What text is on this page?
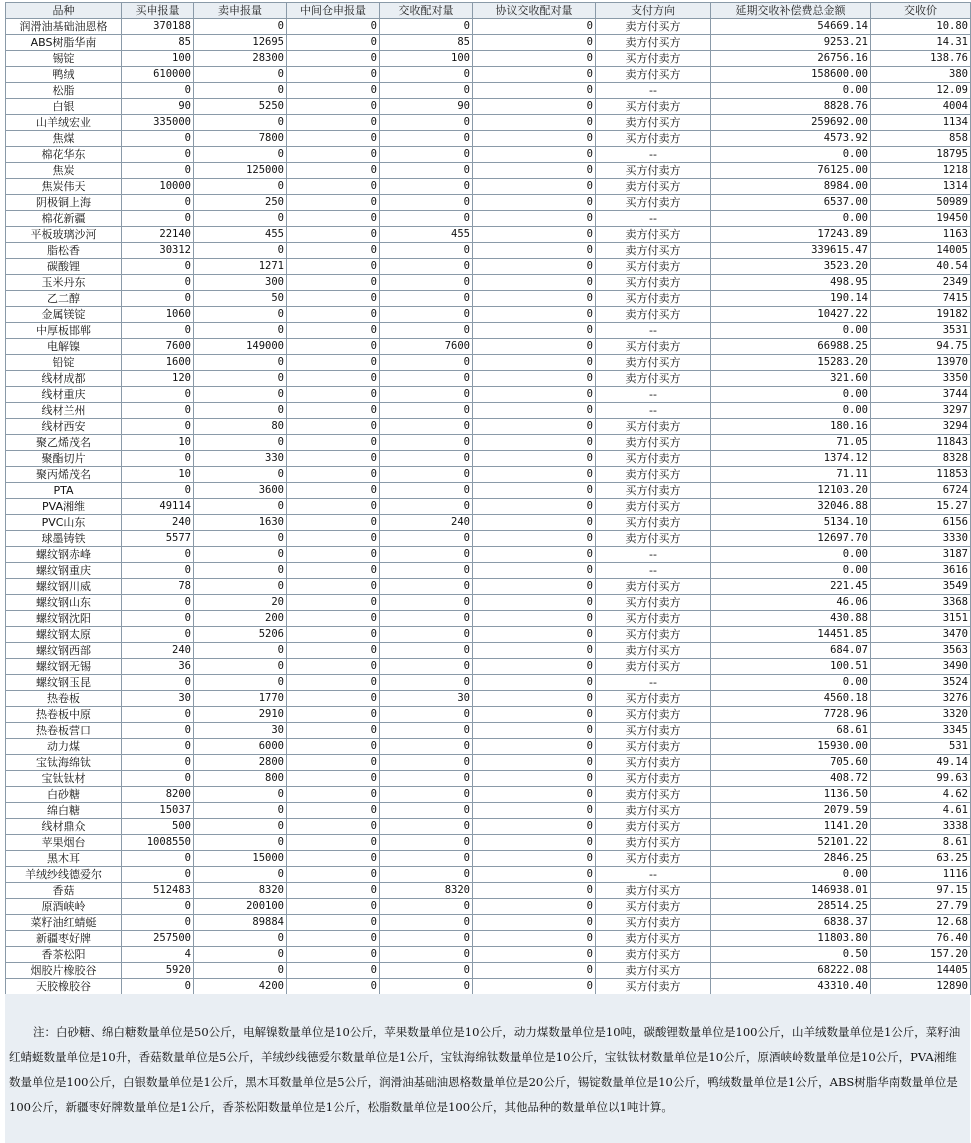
品种	买申报量	卖申报量	中间仓申报量	交收配对量	协议交收配对量	支付方向	延期交收补偿费总金额	交收价
润滑油基础油恩格	370188	0	0	0	0	卖方付买方	54669.14	10.80
ABS树脂华南	85	12695	0	85	0	卖方付买方	9253.21	14.31
锡锭	100	28300	0	100	0	买方付卖方	26756.16	138.76
鸭绒	610000	0	0	0	0	卖方付买方	158600.00	380
松脂	0	0	0	0	0	--	0.00	12.09
白银	90	5250	0	90	0	买方付卖方	8828.76	4004
山羊绒宏业	335000	0	0	0	0	卖方付买方	259692.00	1134
焦煤	0	7800	0	0	0	买方付卖方	4573.92	858
棉花华东	0	0	0	0	0	--	0.00	18795
焦炭	0	125000	0	0	0	买方付卖方	76125.00	1218
焦炭伟天	10000	0	0	0	0	卖方付买方	8984.00	1314
阴极铜上海	0	250	0	0	0	买方付卖方	6537.00	50989
棉花新疆	0	0	0	0	0	--	0.00	19450
平板玻璃沙河	22140	455	0	455	0	卖方付买方	17243.89	1163
脂松香	30312	0	0	0	0	卖方付买方	339615.47	14005
碳酸锂	0	1271	0	0	0	买方付卖方	3523.20	40.54
玉米丹东	0	300	0	0	0	买方付卖方	498.95	2349
乙二醇	0	50	0	0	0	买方付卖方	190.14	7415
金属镁锭	1060	0	0	0	0	卖方付买方	10427.22	19182
中厚板邯郸	0	0	0	0	0	--	0.00	3531
电解镍	7600	149000	0	7600	0	买方付卖方	66988.25	94.75
铅锭	1600	0	0	0	0	卖方付买方	15283.20	13970
线材成都	120	0	0	0	0	卖方付买方	321.60	3350
线材重庆	0	0	0	0	0	--	0.00	3744
线材兰州	0	0	0	0	0	--	0.00	3297
线材西安	0	80	0	0	0	买方付卖方	180.16	3294
聚乙烯茂名	10	0	0	0	0	卖方付买方	71.05	11843
聚酯切片	0	330	0	0	0	买方付卖方	1374.12	8328
聚丙烯茂名	10	0	0	0	0	卖方付买方	71.11	11853
PTA	0	3600	0	0	0	买方付卖方	12103.20	6724
PVA湘维	49114	0	0	0	0	卖方付买方	32046.88	15.27
PVC山东	240	1630	0	240	0	买方付卖方	5134.10	6156
球墨铸铁	5577	0	0	0	0	卖方付买方	12697.70	3330
螺纹钢赤峰	0	0	0	0	0	--	0.00	3187
螺纹钢重庆	0	0	0	0	0	--	0.00	3616
螺纹钢川威	78	0	0	0	0	卖方付买方	221.45	3549
螺纹钢山东	0	20	0	0	0	买方付卖方	46.06	3368
螺纹钢沈阳	0	200	0	0	0	买方付卖方	430.88	3151
螺纹钢太原	0	5206	0	0	0	买方付卖方	14451.85	3470
螺纹钢西部	240	0	0	0	0	卖方付买方	684.07	3563
螺纹钢无锡	36	0	0	0	0	卖方付买方	100.51	3490
螺纹钢玉昆	0	0	0	0	0	--	0.00	3524
热卷板	30	1770	0	30	0	买方付卖方	4560.18	3276
热卷板中原	0	2910	0	0	0	买方付卖方	7728.96	3320
热卷板营口	0	30	0	0	0	买方付卖方	68.61	3345
动力煤	0	6000	0	0	0	买方付卖方	15930.00	531
宝钛海绵钛	0	2800	0	0	0	买方付卖方	705.60	49.14
宝钛钛材	0	800	0	0	0	买方付卖方	408.72	99.63
白砂糖	8200	0	0	0	0	卖方付买方	1136.50	4.62
绵白糖	15037	0	0	0	0	卖方付买方	2079.59	4.61
线材鼎众	500	0	0	0	0	卖方付买方	1141.20	3338
苹果烟台	1008550	0	0	0	0	卖方付买方	52101.22	8.61
黑木耳	0	15000	0	0	0	买方付卖方	2846.25	63.25
羊绒纱线德爱尔	0	0	0	0	0	--	0.00	1116
香菇	512483	8320	0	8320	0	卖方付买方	146938.01	97.15
原酒峡岭	0	200100	0	0	0	买方付卖方	28514.25	27.79
菜籽油红蜻蜓	0	89884	0	0	0	买方付卖方	6838.37	12.68
新疆枣好牌	257500	0	0	0	0	卖方付买方	11803.80	76.40
香茶松阳	4	0	0	0	0	卖方付买方	0.50	157.20
烟胶片橡胶谷	5920	0	0	0	0	卖方付买方	68222.08	14405
天胶橡胶谷	0	4200	0	0	0	买方付卖方	43310.40	12890
注：白砂糖、绵白糖数量单位是50公斤，电解镍数量单位是10公斤，苹果数量单位是10公斤，动力煤数量单位是10吨，碳酸锂数量单位是100公斤，山羊绒数量单位是1公斤，菜籽油红蜻蜓数量单位是10升，香菇数量单位是5公斤，羊绒纱线德爱尔数量单位是1公斤，宝钛海绵钛数量单位是10公斤，宝钛钛材数量单位是10公斤，原酒峡岭数量单位是10公斤，PVA湘维数量单位是100公斤，白银数量单位是1公斤，黑木耳数量单位是5公斤，润滑油基础油恩格数量单位是20公斤，锡锭数量单位是10公斤，鸭绒数量单位是1公斤，ABS树脂华南数量单位是100公斤，新疆枣好牌数量单位是1公斤，香茶松阳数量单位是1公斤，松脂数量单位是100公斤，其他品种的数量单位以1吨计算。
